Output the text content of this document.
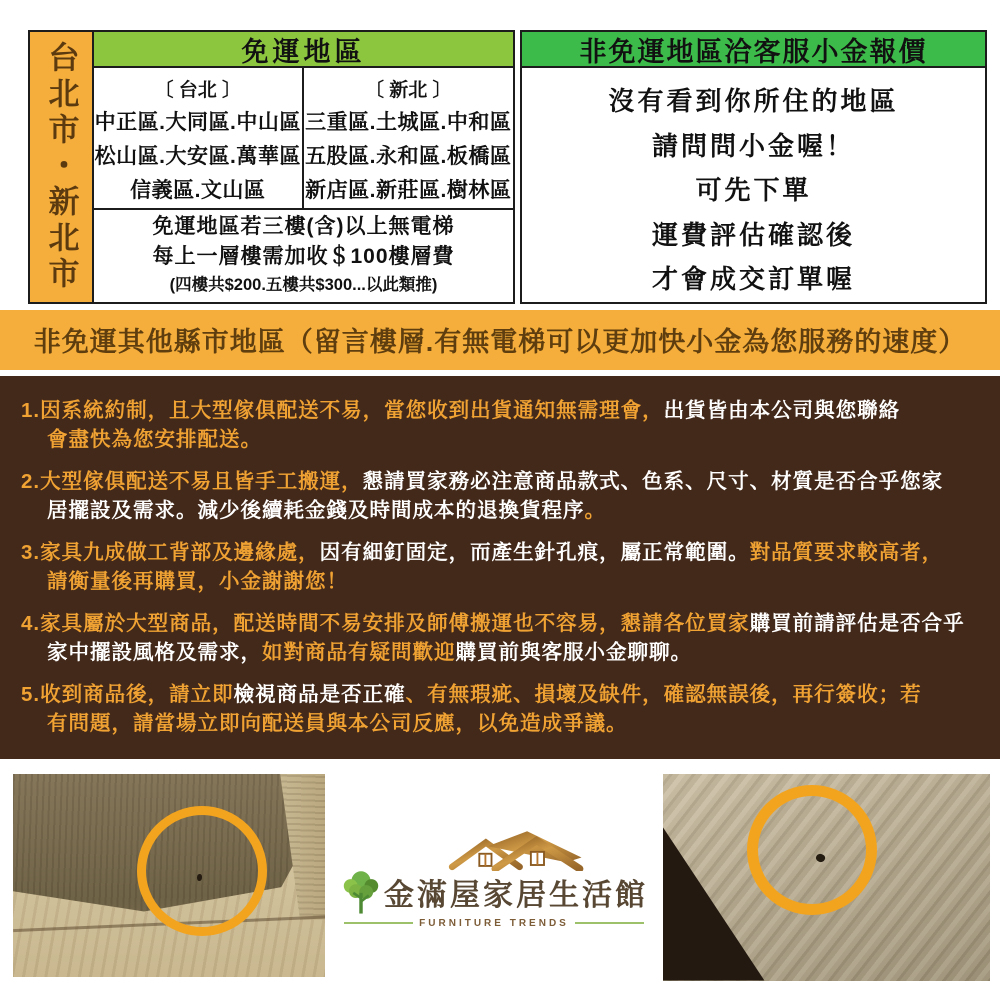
台北市・新北市	免運地區
〔 台北 〕
中正區.大同區.中山區
松山區.大安區.萬華區
信義區.文山區
〔 新北 〕
三重區.土城區.中和區
五股區.永和區.板橋區
新店區.新莊區.樹林區
免運地區若三樓(含)以上無電梯
每上一層樓需加收＄100樓層費
(四樓共$200.五樓共$300...以此類推)
非免運地區洽客服小金報價
沒有看到你所住的地區
請問問小金喔！
可先下單
運費評估確認後
才會成交訂單喔
非免運其他縣市地區（留言樓層.有無電梯可以更加快小金為您服務的速度）
1.因系統約制，且大型傢俱配送不易，當您收到出貨通知無需理會，出貨皆由本公司與您聯絡
會盡快為您安排配送。
2.大型傢俱配送不易且皆手工搬運，懇請買家務必注意商品款式、色系、尺寸、材質是否合乎您家
居擺設及需求。減少後續耗金錢及時間成本的退換貨程序。
3.家具九成做工背部及邊緣處，因有細釘固定，而產生針孔痕，屬正常範圍。對品質要求較高者，
請衡量後再購買，小金謝謝您！
4.家具屬於大型商品，配送時間不易安排及師傅搬運也不容易，懇請各位買家購買前請評估是否合乎
家中擺設風格及需求，如對商品有疑問歡迎購買前與客服小金聊聊。
5.收到商品後，請立即檢視商品是否正確、有無瑕疵、損壞及缺件，確認無誤後，再行簽收；若
有問題，請當場立即向配送員與本公司反應，以免造成爭議。
金滿屋家居生活館
FURNITURE TRENDS
